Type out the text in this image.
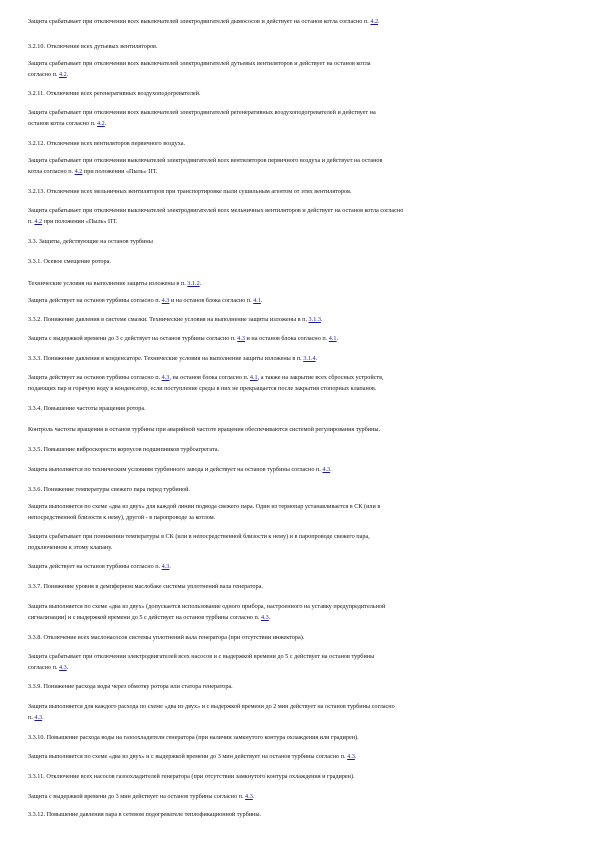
Защита срабатывает при отключении всех выключателей электродвигателей дымососов и действует на останов котла согласно п. 4.2.
3.2.10. Отключение всех дутьевых вентиляторов.
Защита срабатывает при отключении всех выключателей электродвигателей дутьевых вентиляторов и действует на останов котла
согласно п. 4.2.
3.2.11. Отключение всех регенеративных воздухоподогревателей.
Защита срабатывает при отключении всех выключателей электродвигателей регенеративных воздухоподогревателей и действует на
останов котла согласно п. 4.2.
3.2.12. Отключение всех вентиляторов первичного воздуха.
Защита срабатывает при отключении выключателей электродвигателей всех вентиляторов первичного воздуха и действует на останов
котла согласно п. 4.2 при положении «Пыль» ПТ.
3.2.13. Отключение всех мельничных вентиляторов при транспортировке пыли сушильным агентом от этих вентиляторов.
Защита срабатывает при отключении выключателей электродвигателей всех мельничных вентиляторов и действует на останов котла согласно
п. 4.2 при положении «Пыль» ПТ.
3.3. Защиты, действующие на останов турбины
3.3.1. Осевое смещение ротора.
Технические условия на выполнение защиты изложены в п. 3.1.2.
Защита действует на останов турбины согласно п. 4.3 и на останов блока согласно п. 4.1.
3.3.2. Понижение давления в системе смазки. Технические условия на выполнение защиты изложены в п. 3.1.3.
Защита с выдержкой времени до 3 с действует на останов турбины согласно п. 4.3 и на останов блока согласно п. 4.1.
3.3.3. Понижение давления в конденсаторе. Технические условия на выполнение защиты изложены в п. 3.1.4.
Защита действует на останов турбины согласно п. 4.3, на останов блока согласно п. 4.1, а также на закрытие всех сбросных устройств,
подающих пар и горячую воду в конденсатор, если поступление среды в них не прекращается после закрытия стопорных клапанов.
3.3.4. Повышение частоты вращения ротора.
Контроль частоты вращения и останов турбины при аварийной частоте вращения обеспечиваются системой регулирования турбины.
3.3.5. Повышение виброскорости корпусов подшипников турбоагрегата.
Защита выполняется по техническим условиям турбинного завода и действует на останов турбины согласно п. 4.3.
3.3.6. Понижение температуры свежего пара перед турбиной.
Защита выполняется по схеме «два из двух» для каждой линии подвода свежего пара. Один из термопар устанавливается в СК (или в
непосредственной близости к нему), другой - в паропроводе за котлом.
Защита срабатывает при понижении температуры в СК (или в непосредственной близости к нему) и в паропроводе свежего пара,
подключенном к этому клапану.
Защита действует на останов турбины согласно п. 4.3.
3.3.7. Понижение уровня в демпферном маслобаке системы уплотнений вала генератора.
Защита выполняется по схеме «два из двух» (допускается использование одного прибора, настроенного на уставку предупредительной
сигнализации) и с выдержкой времени до 5 с действует на останов турбины согласно п. 4.3.
3.3.8. Отключение всех маслонасосов системы уплотнений вала генератора (при отсутствии инжектора).
Защита срабатывает при отключении электродвигателей всех насосов и с выдержкой времени до 5 с действует на останов турбины
согласно п. 4.3.
3.3.9. Понижение расхода воды через обмотку ротора или статора генератора.
Защита выполняется для каждого расхода по схеме «два из двух» и с выдержкой времени до 2 мин действует на останов турбины согласно
п. 4.3.
3.3.10. Повышение расхода воды на газоохладители генератора (при наличии замкнутого контура охлаждения или градирен).
Защита выполняется по схеме «два из двух» и с выдержкой времени до 3 мин действует на останов турбины согласно п. 4.3.
3.3.11. Отключение всех насосов газоохладителей генератора (при отсутствии замкнутого контура охлаждения и градирен).
Защита с выдержкой времени до 3 мин действует на останов турбины согласно п. 4.3.
3.3.12. Повышение давления пара в сетевом подогревателе теплофикационной турбины.
